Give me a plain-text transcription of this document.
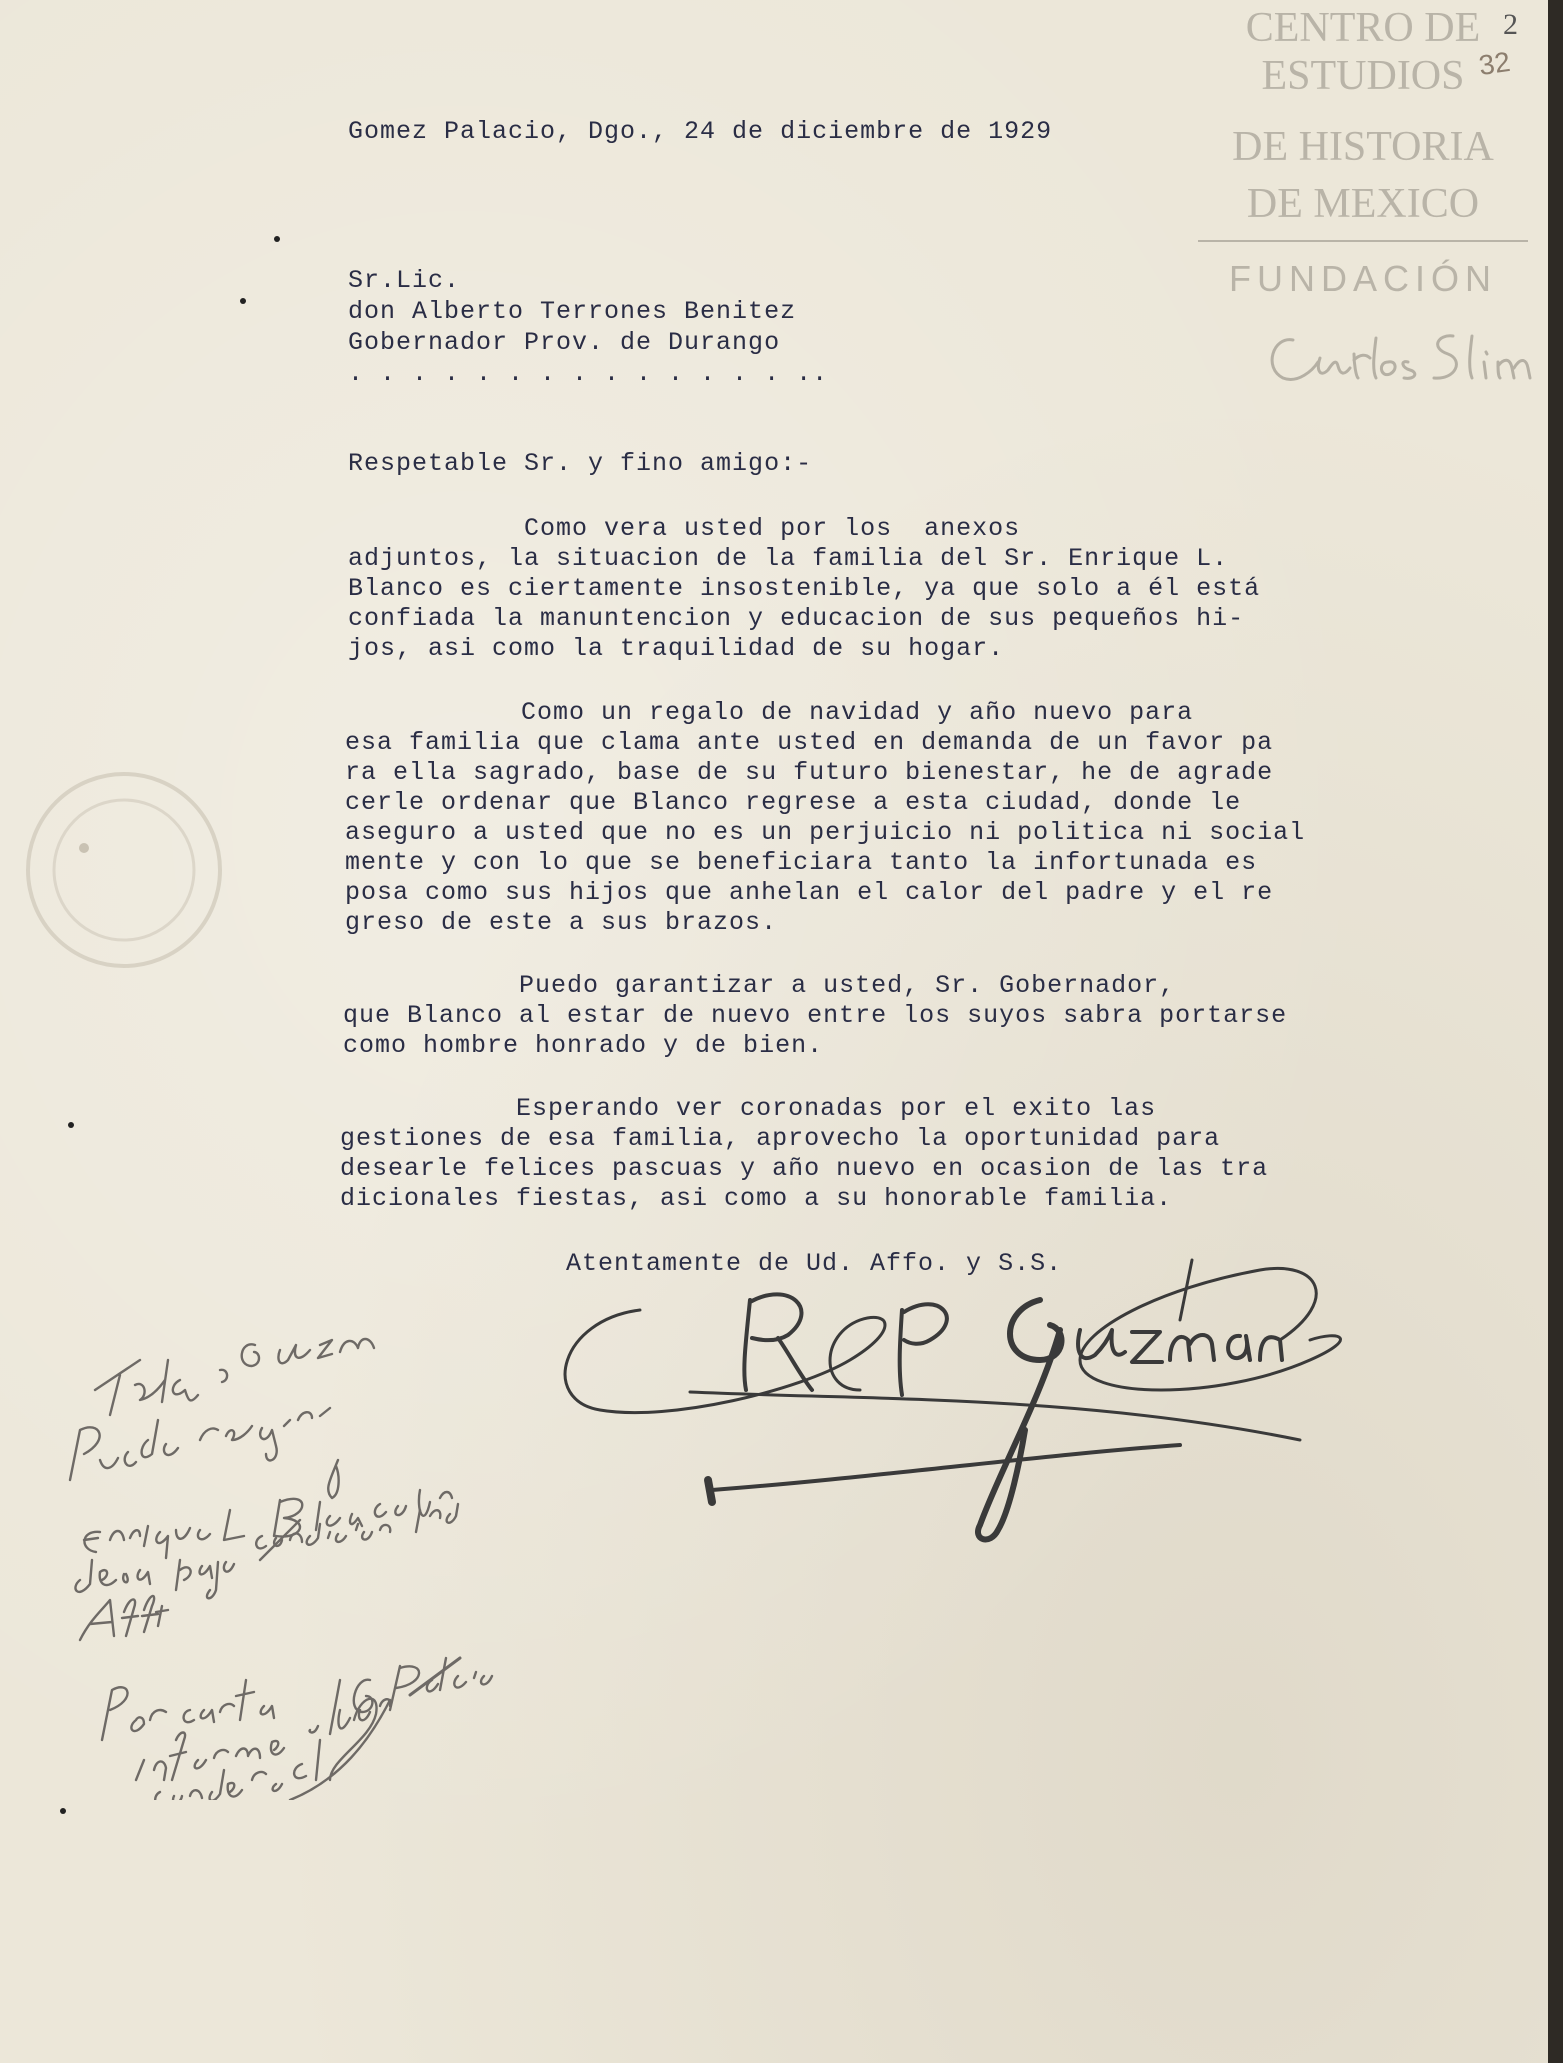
CENTRO DE
ESTUDIOS
DE HISTORIA
DE MEXICO
FUNDACIÓN
2
32
Gomez Palacio, Dgo., 24 de diciembre de 1929
Sr.Lic.
don Alberto Terrones Benitez
Gobernador Prov. de Durango
. . . . . . . . . . . . . . ..
Respetable Sr. y fino amigo:-
Como vera usted por los  anexos
adjuntos, la situacion de la familia del Sr. Enrique L.
Blanco es ciertamente insostenible, ya que solo a él está
confiada la manuntencion y educacion de sus pequeños hi-
jos, asi como la traquilidad de su hogar.
Como un regalo de navidad y año nuevo para
esa familia que clama ante usted en demanda de un favor pa
ra ella sagrado, base de su futuro bienestar, he de agrade
cerle ordenar que Blanco regrese a esta ciudad, donde le
aseguro a usted que no es un perjuicio ni politica ni social
mente y con lo que se beneficiara tanto la infortunada es
posa como sus hijos que anhelan el calor del padre y el re
greso de este a sus brazos.
Puedo garantizar a usted, Sr. Gobernador,
que Blanco al estar de nuevo entre los suyos sabra portarse
como hombre honrado y de bien.
Esperando ver coronadas por el exito las
gestiones de esa familia, aprovecho la oportunidad para
desearle felices pascuas y año nuevo en ocasion de las tra
dicionales fiestas, asi como a su honorable familia.
Atentamente de Ud. Affo. y S.S.
